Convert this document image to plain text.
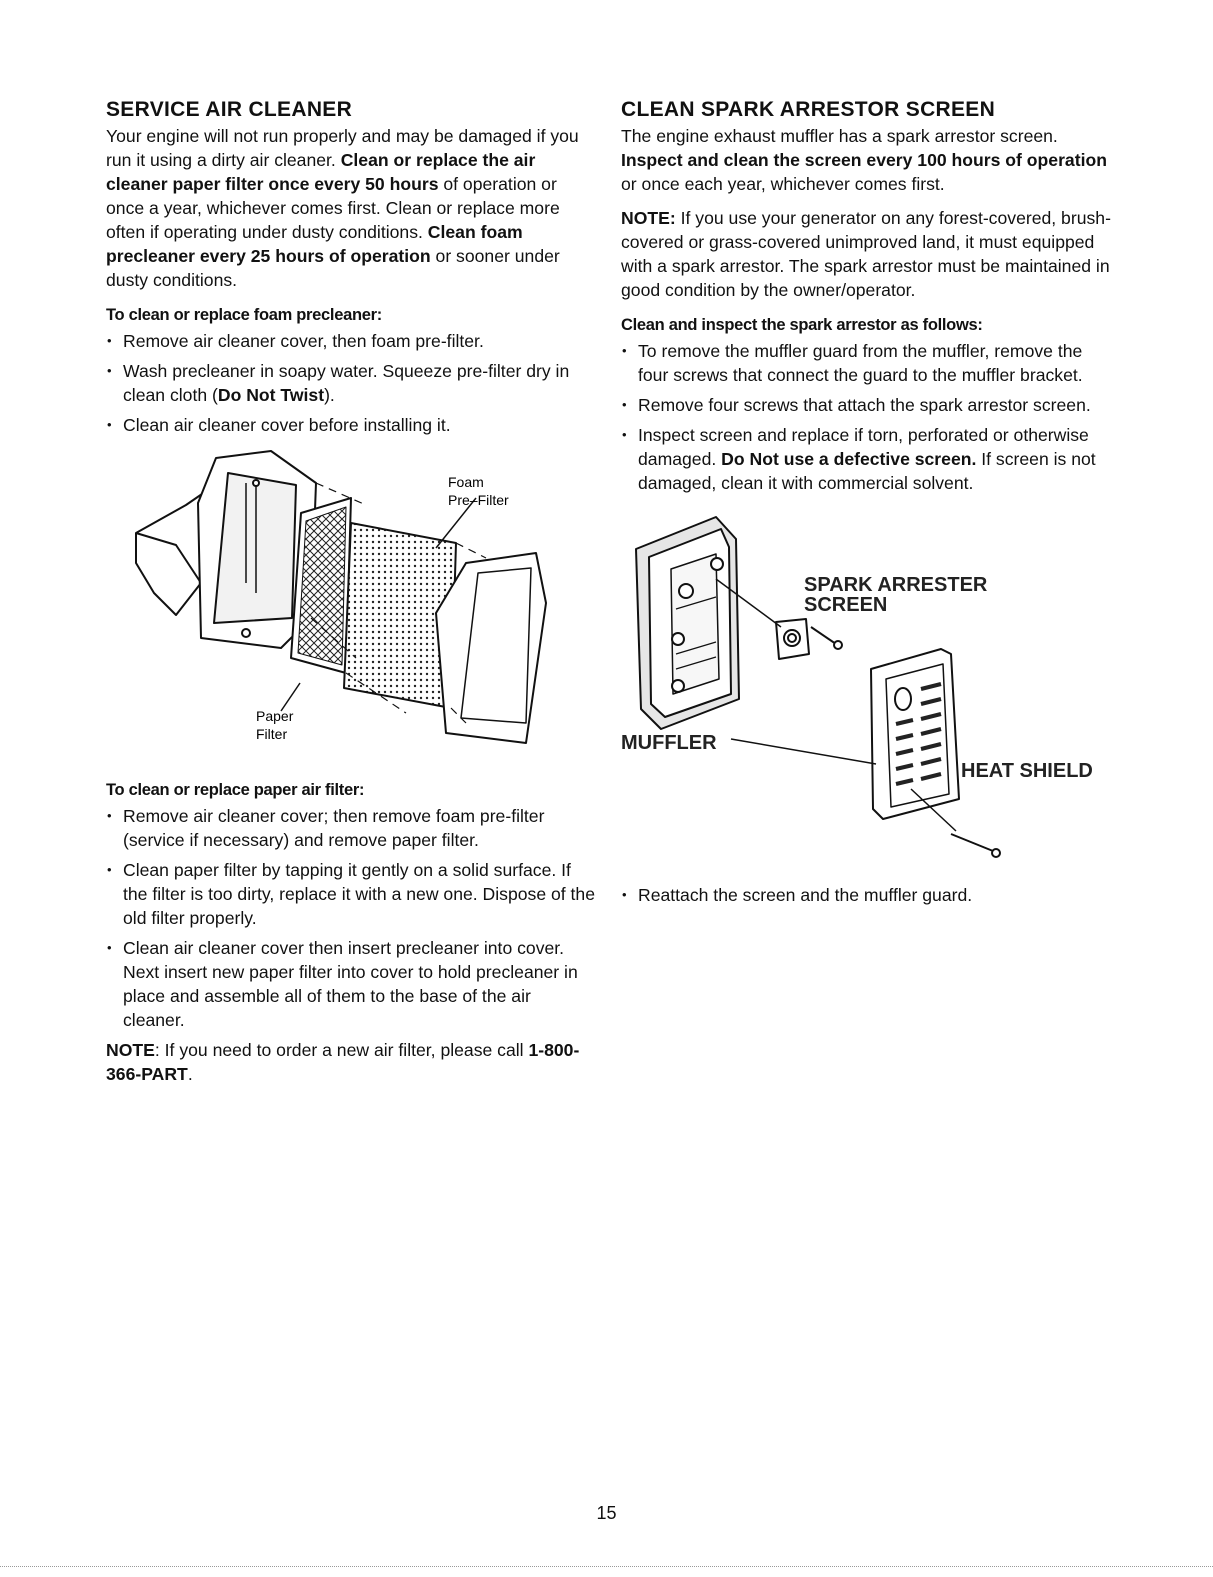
SERVICE AIR CLEANER

Your engine will not run properly and may be damaged if you run it using a dirty air cleaner. Clean or replace the air cleaner paper filter once every 50 hours of operation or once a year, whichever comes first. Clean or replace more often if operating under dusty conditions. Clean foam precleaner every 25 hours of operation or sooner under dusty conditions.

To clean or replace foam precleaner:
• Remove air cleaner cover, then foam pre-filter.
• Wash precleaner in soapy water. Squeeze pre-filter dry in clean cloth (Do Not Twist).
• Clean air cleaner cover before installing it.
Foam
Pre–Filter
Paper
Filter
To clean or replace paper air filter:
• Remove air cleaner cover; then remove foam pre-filter (service if necessary) and remove paper filter.
• Clean paper filter by tapping it gently on a solid surface. If the filter is too dirty, replace it with a new one. Dispose of the old filter properly.
• Clean air cleaner cover then insert precleaner into cover. Next insert new paper filter into cover to hold precleaner in place and assemble all of them to the base of the air cleaner.

NOTE: If you need to order a new air filter, please call 1-800-366-PART.

CLEAN SPARK ARRESTOR SCREEN

The engine exhaust muffler has a spark arrestor screen. Inspect and clean the screen every 100 hours of operation or once each year, whichever comes first.

NOTE: If you use your generator on any forest-covered, brush-covered or grass-covered unimproved land, it must equipped with a spark arrestor. The spark arrestor must be maintained in good condition by the owner/operator.

Clean and inspect the spark arrestor as follows:
• To remove the muffler guard from the muffler, remove the four screws that connect the guard to the muffler bracket.
• Remove four screws that attach the spark arrestor screen.
• Inspect screen and replace if torn, perforated or otherwise damaged. Do Not use a defective screen. If screen is not damaged, clean it with commercial solvent.
SPARK ARRESTER
SCREEN
MUFFLER
HEAT SHIELD
• Reattach the screen and the muffler guard.
15
